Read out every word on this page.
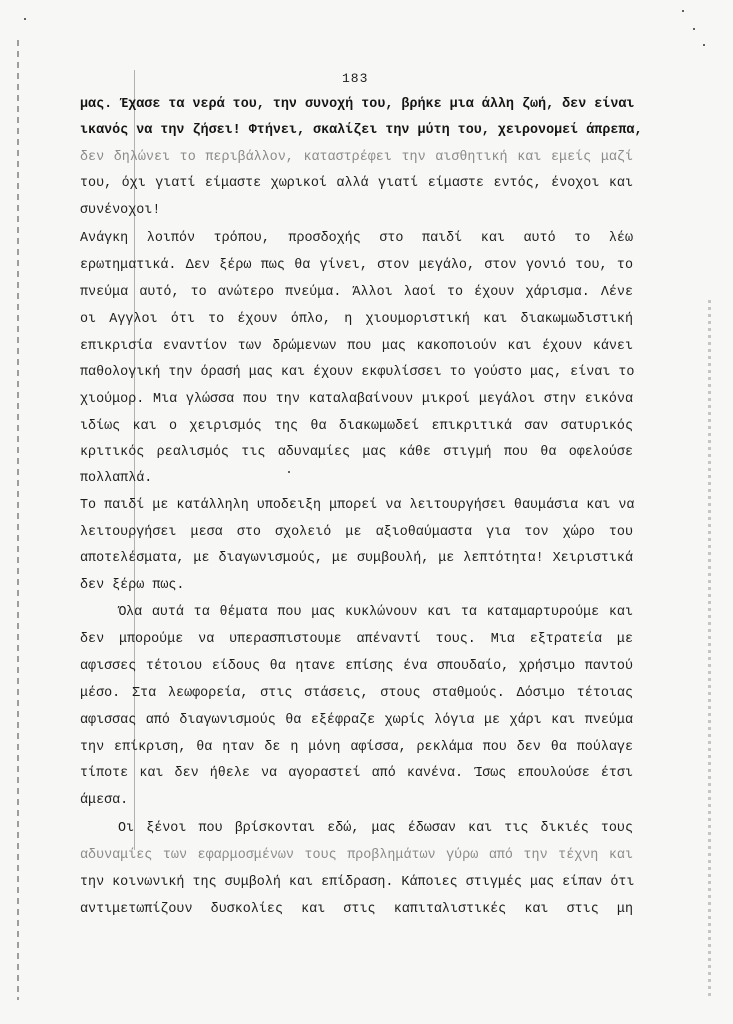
183
μας. Έχασε τα νερά του, την συνοχή του, βρήκε μια άλλη ζωή, δεν είναι
ικανός να την ζήσει! Φτήνει, σκαλίζει την μύτη του, χειρονομεί άπρεπα,
δεν δηλώνει το περιβάλλον, καταστρέφει την αισθητική και εμείς μαζί
του, όχι γιατί είμαστε χωρικοί αλλά γιατί είμαστε εντός, ένοχοι και
συνένοχοι!
Ανάγκη λοιπόν τρόπου, προσδοχής στο παιδί και αυτό το λέω
ερωτηματικά. Δεν ξέρω πως θα γίνει, στον μεγάλο, στον γονιό του, το
πνεύμα αυτό, το ανώτερο πνεύμα. Άλλοι λαοί το έχουν χάρισμα. Λένε
οι Αγγλοι ότι το έχουν όπλο, η χιουμοριστική και διακωμωδιστική
επικρισία εναντίον των δρώμενων που μας κακοποιούν και έχουν κάνει
παθολογική την όρασή μας και έχουν εκφυλίσσει το γούστο μας, είναι το
χιούμορ. Μια γλώσσα που την καταλαβαίνουν μικροί μεγάλοι στην εικόνα
ιδίως και ο χειρισμός της θα διακωμωδεί επικριτικά σαν σατυρικός
κριτικός ρεαλισμός τις αδυναμίες μας κάθε στιγμή που θα οφελούσε
πολλαπλά.
Το παιδί με κατάλληλη υποδειξη μπορεί να λειτουργήσει θαυμάσια και να
λειτουργήσει μεσα στο σχολειό με αξιοθαύμαστα για τον χώρο του
αποτελέσματα, με διαγωνισμούς, με συμβουλή, με λεπτότητα! Χειριστικά
δεν ξέρω πως.
Όλα αυτά τα θέματα που μας κυκλώνουν και τα καταμαρτυρούμε και
δεν μπορούμε να υπερασπιστουμε απέναντί τους. Μια εξτρατεία με
αφισσες τέτοιου είδους θα ηταvε επίσης ένα σπουδαίο, χρήσιμο παντού
μέσο. Στα λεωφορεία, στις στάσεις, στους σταθμούς. Δόσιμο τέτοιας
αφισσας από διαγωνισμούς θα εξέφραζε χωρίς λόγια με χάρι και πνεύμα
την επίκριση, θα ηταν δε η μόνη αφίσσα, ρεκλάμα που δεν θα πούλαγε
τίποτε και δεν ήθελε να αγοραστεί από κανένα. Ίσως επουλούσε έτσι
άμεσα.
Οι ξένοι που βρίσκονται εδώ, μας έδωσαν και τις δικιές τους
αδυναμίες των εφαρμοσμένων τους προβλημάτων γύρω από την τέχνη και
την κοινωνική της συμβολή και επίδραση. Κάποιες στιγμές μας είπαν ότι
αντιμετωπίζουν δυσκολίες και στις καπιταλιστικές και στις μη
